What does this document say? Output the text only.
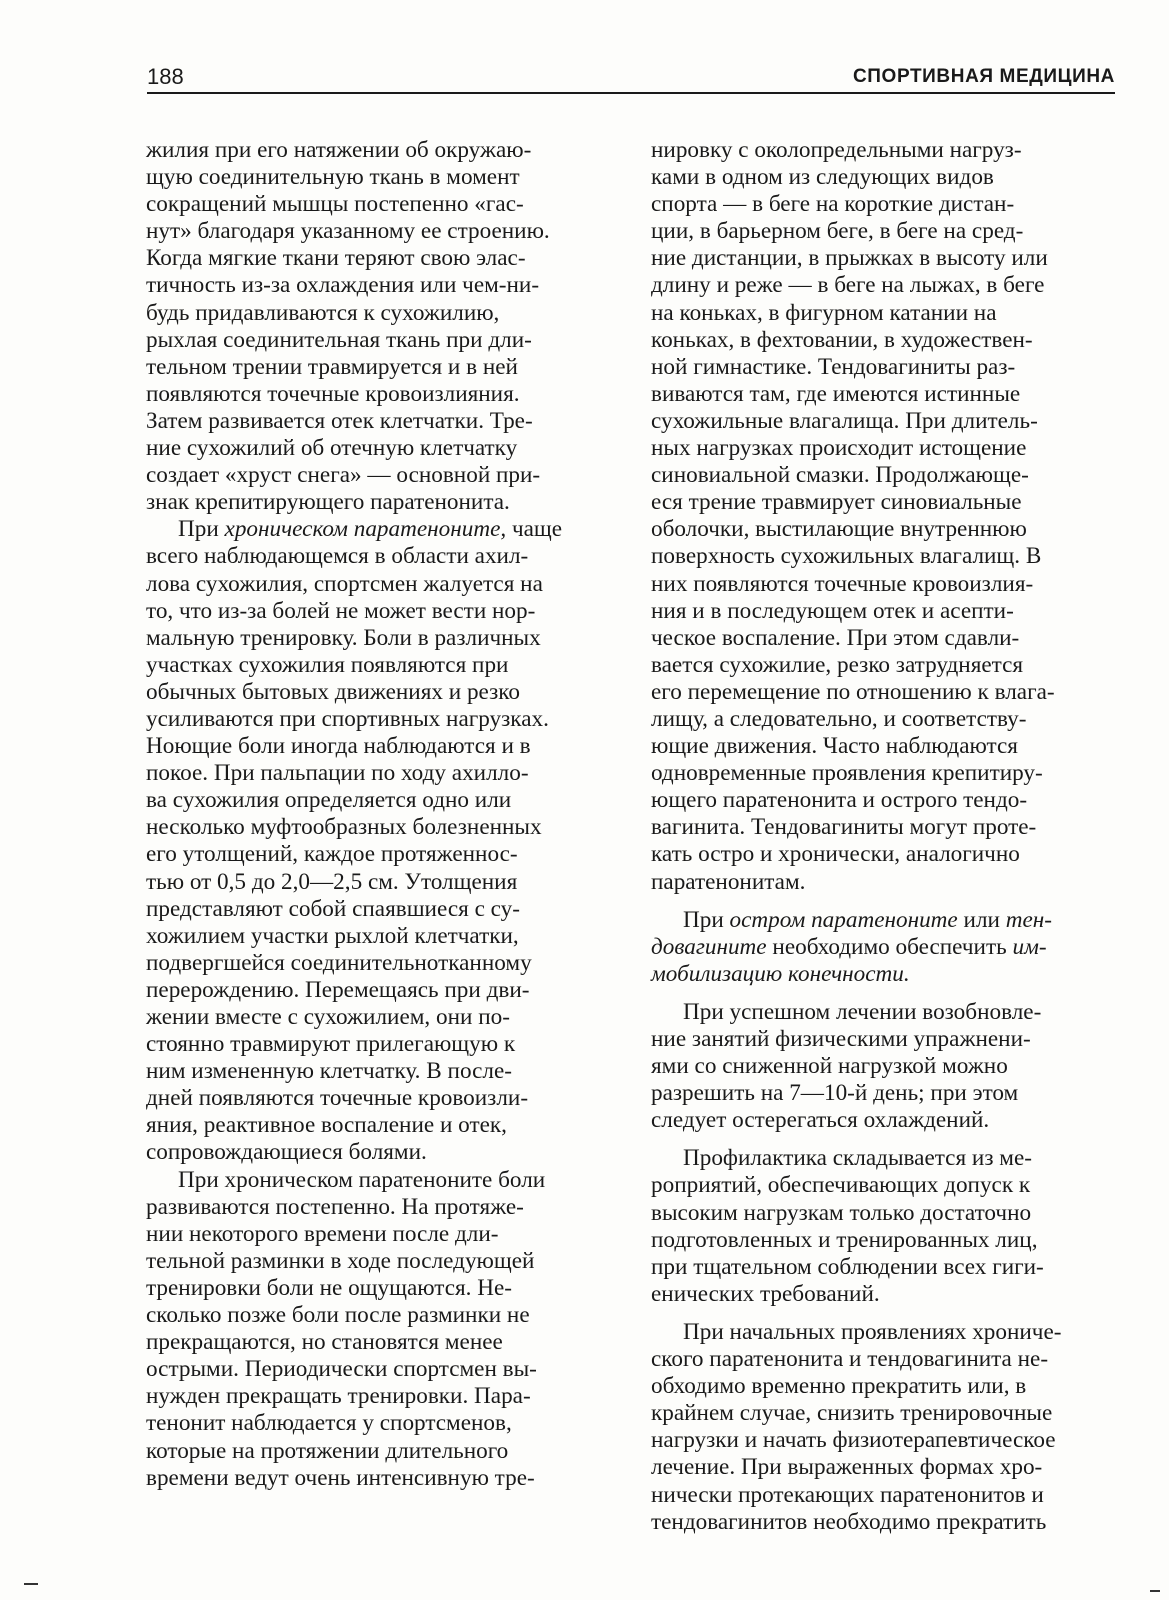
188	СПОРТИВНАЯ МЕДИЦИНА
жилия при его натяжении об окружаю-
щую соединительную ткань в момент
сокращений мышцы постепенно «гас-
нут» благодаря указанному ее строению.
Когда мягкие ткани теряют свою элас-
тичность из-за охлаждения или чем-ни-
будь придавливаются к сухожилию,
рыхлая соединительная ткань при дли-
тельном трении травмируется и в ней
появляются точечные кровоизлияния.
Затем развивается отек клетчатки. Тре-
ние сухожилий об отечную клетчатку
создает «хруст снега» — основной при-
знак крепитирующего паратенонита.
При хроническом паратеноните, чаще
всего наблюдающемся в области ахил-
лова сухожилия, спортсмен жалуется на
то, что из-за болей не может вести нор-
мальную тренировку. Боли в различных
участках сухожилия появляются при
обычных бытовых движениях и резко
усиливаются при спортивных нагрузках.
Ноющие боли иногда наблюдаются и в
покое. При пальпации по ходу ахилло-
ва сухожилия определяется одно или
несколько муфтообразных болезненных
его утолщений, каждое протяженнос-
тью от 0,5 до 2,0—2,5 см. Утолщения
представляют собой спаявшиеся с су-
хожилием участки рыхлой клетчатки,
подвергшейся соединительнотканному
перерождению. Перемещаясь при дви-
жении вместе с сухожилием, они по-
стоянно травмируют прилегающую к
ним измененную клетчатку. В после-
дней появляются точечные кровоизли-
яния, реактивное воспаление и отек,
сопровождающиеся болями.
При хроническом паратеноните боли
развиваются постепенно. На протяже-
нии некоторого времени после дли-
тельной разминки в ходе последующей
тренировки боли не ощущаются. Не-
сколько позже боли после разминки не
прекращаются, но становятся менее
острыми. Периодически спортсмен вы-
нужден прекращать тренировки. Пара-
тенонит наблюдается у спортсменов,
которые на протяжении длительного
времени ведут очень интенсивную тре-
нировку с околопредельными нагруз-
ками в одном из следующих видов
спорта — в беге на короткие дистан-
ции, в барьерном беге, в беге на сред-
ние дистанции, в прыжках в высоту или
длину и реже — в беге на лыжах, в беге
на коньках, в фигурном катании на
коньках, в фехтовании, в художествен-
ной гимнастике. Тендовагиниты раз-
виваются там, где имеются истинные
сухожильные влагалища. При длитель-
ных нагрузках происходит истощение
синовиальной смазки. Продолжающе-
еся трение травмирует синовиальные
оболочки, выстилающие внутреннюю
поверхность сухожильных влагалищ. В
них появляются точечные кровоизлия-
ния и в последующем отек и асепти-
ческое воспаление. При этом сдавли-
вается сухожилие, резко затрудняется
его перемещение по отношению к влага-
лищу, а следовательно, и соответству-
ющие движения. Часто наблюдаются
одновременные проявления крепитиру-
ющего паратенонита и острого тендо-
вагинита. Тендовагиниты могут проте-
кать остро и хронически, аналогично
паратенонитам.
При остром паратеноните или тен-
довагините необходимо обеспечить им-
мобилизацию конечности.
При успешном лечении возобновле-
ние занятий физическими упражнени-
ями со сниженной нагрузкой можно
разрешить на 7—10-й день; при этом
следует остерегаться охлаждений.
Профилактика складывается из ме-
роприятий, обеспечивающих допуск к
высоким нагрузкам только достаточно
подготовленных и тренированных лиц,
при тщательном соблюдении всех гиги-
енических требований.
При начальных проявлениях хрониче-
ского паратенонита и тендовагинита не-
обходимо временно прекратить или, в
крайнем случае, снизить тренировочные
нагрузки и начать физиотерапевтическое
лечение. При выраженных формах хро-
нически протекающих паратенонитов и
тендовагинитов необходимо прекратить
